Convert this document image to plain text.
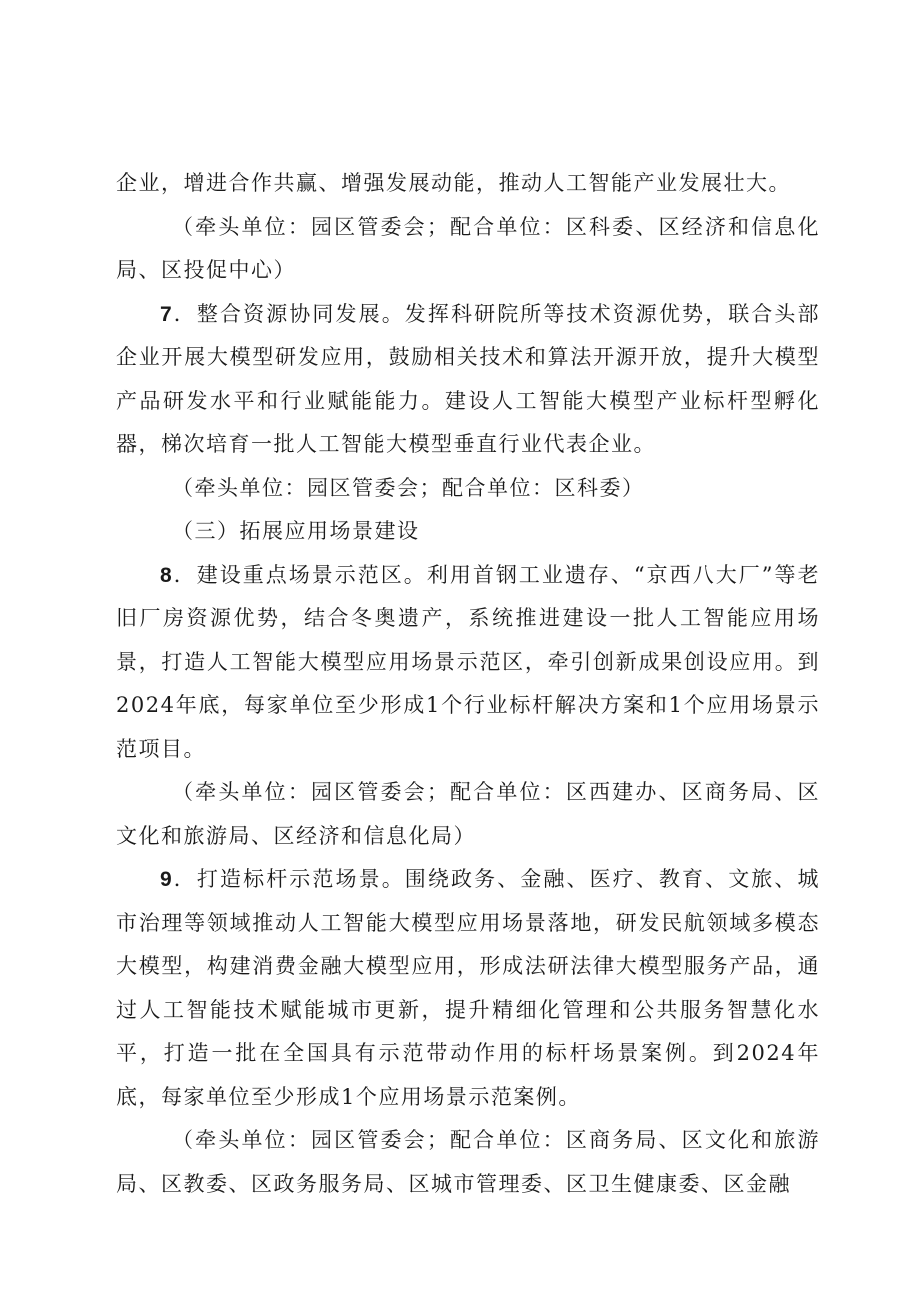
企业，增进合作共赢、增强发展动能，推动人工智能产业发展壮大。

（牵头单位：园区管委会；配合单位：区科委、区经济和信息化局、区投促中心）

7．整合资源协同发展。发挥科研院所等技术资源优势，联合头部企业开展大模型研发应用，鼓励相关技术和算法开源开放，提升大模型产品研发水平和行业赋能能力。建设人工智能大模型产业标杆型孵化器，梯次培育一批人工智能大模型垂直行业代表企业。

（牵头单位：园区管委会；配合单位：区科委）

（三）拓展应用场景建设

8．建设重点场景示范区。利用首钢工业遗存、“京西八大厂”等老旧厂房资源优势，结合冬奥遗产，系统推进建设一批人工智能应用场景，打造人工智能大模型应用场景示范区，牵引创新成果创设应用。到2024年底，每家单位至少形成1个行业标杆解决方案和1个应用场景示范项目。

（牵头单位：园区管委会；配合单位：区西建办、区商务局、区文化和旅游局、区经济和信息化局）

9．打造标杆示范场景。围绕政务、金融、医疗、教育、文旅、城市治理等领域推动人工智能大模型应用场景落地，研发民航领域多模态大模型，构建消费金融大模型应用，形成法研法律大模型服务产品，通过人工智能技术赋能城市更新，提升精细化管理和公共服务智慧化水平，打造一批在全国具有示范带动作用的标杆场景案例。到2024年底，每家单位至少形成1个应用场景示范案例。

（牵头单位：园区管委会；配合单位：区商务局、区文化和旅游局、区教委、区政务服务局、区城市管理委、区卫生健康委、区金融
